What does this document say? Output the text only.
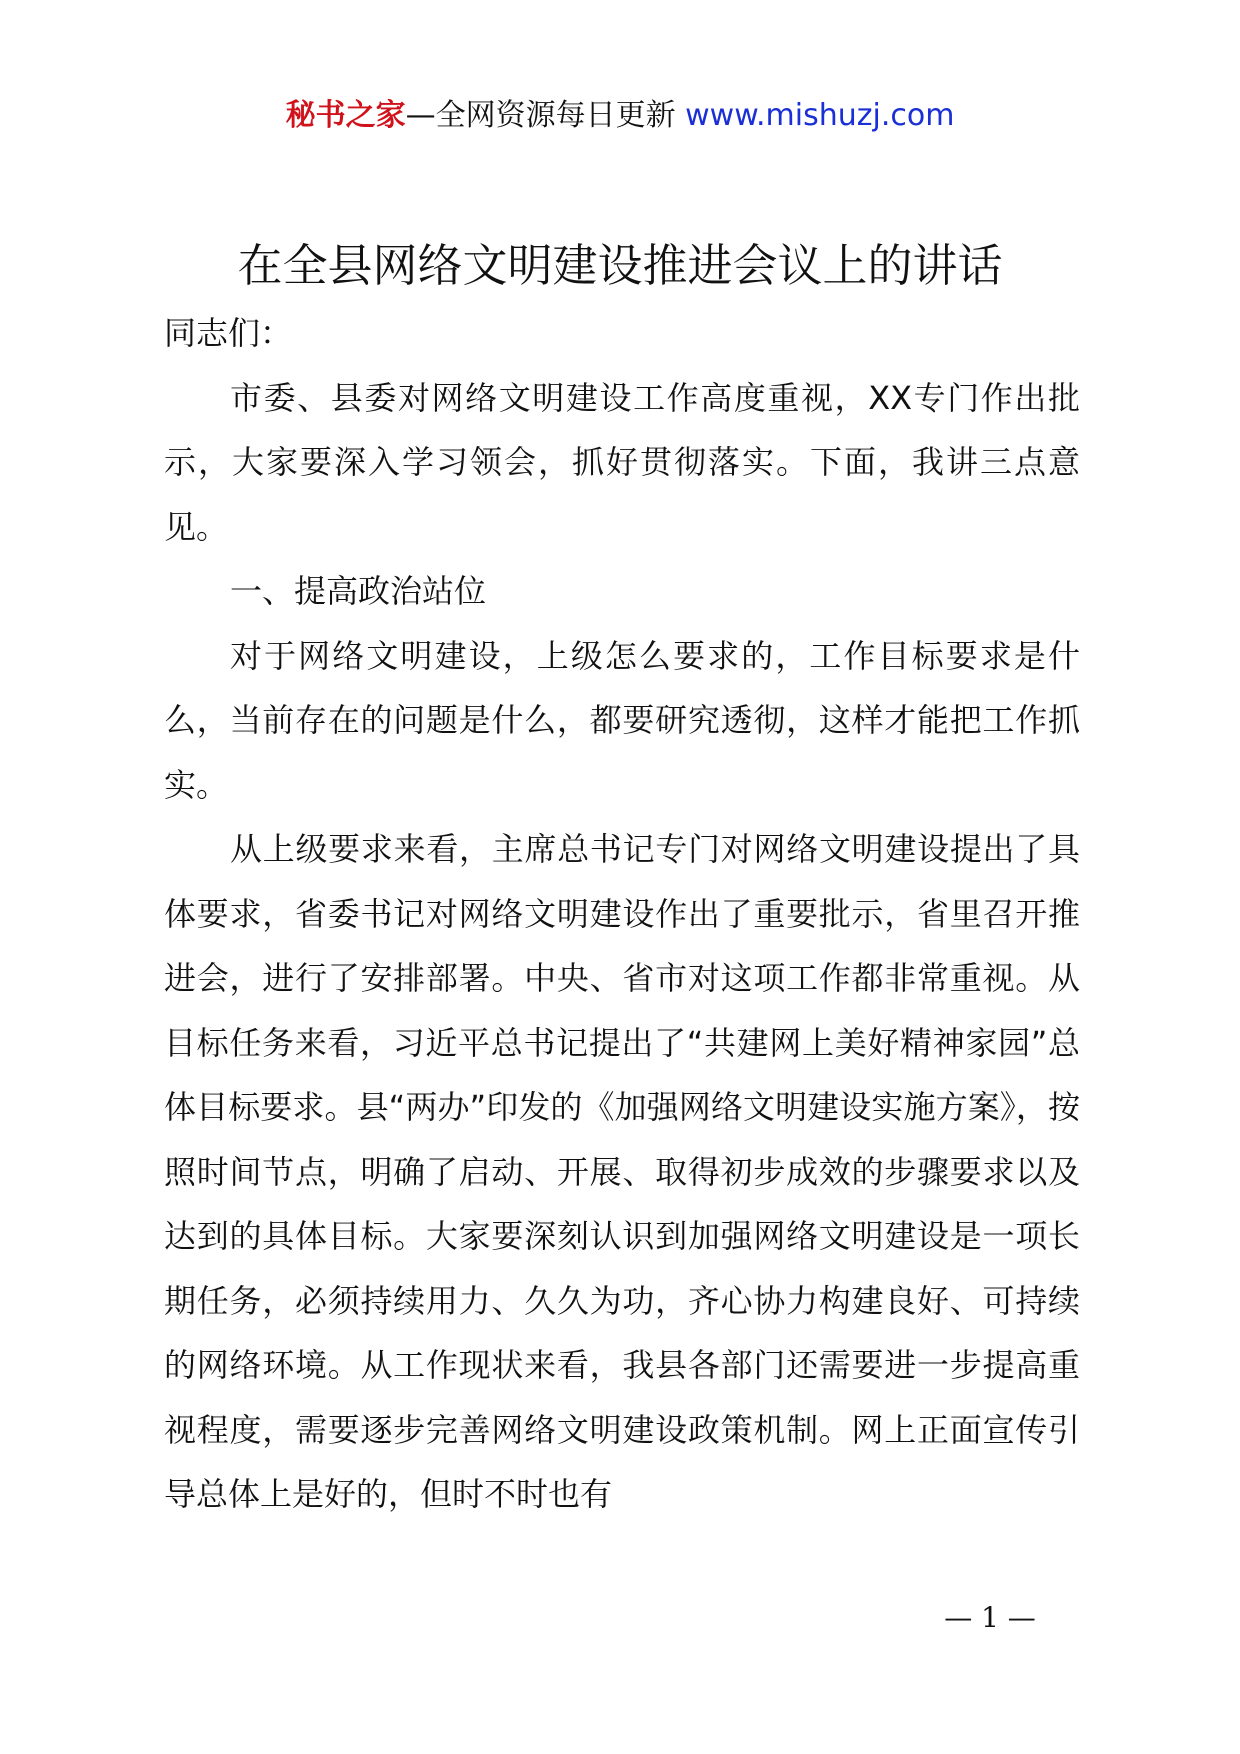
秘书之家—全网资源每日更新 www.mishuzj.com
在全县网络文明建设推进会议上的讲话

同志们：

市委、县委对网络文明建设工作高度重视，XX专门作出批示，大家要深入学习领会，抓好贯彻落实。下面，我讲三点意见。

一、提高政治站位

对于网络文明建设，上级怎么要求的，工作目标要求是什么，当前存在的问题是什么，都要研究透彻，这样才能把工作抓实。

从上级要求来看，主席总书记专门对网络文明建设提出了具体要求，省委书记对网络文明建设作出了重要批示，省里召开推进会，进行了安排部署。中央、省市对这项工作都非常重视。从目标任务来看，习近平总书记提出了“共建网上美好精神家园”总体目标要求。县“两办”印发的《加强网络文明建设实施方案》，按照时间节点，明确了启动、开展、取得初步成效的步骤要求以及达到的具体目标。大家要深刻认识到加强网络文明建设是一项长期任务，必须持续用力、久久为功，齐心协力构建良好、可持续的网络环境。从工作现状来看，我县各部门还需要进一步提高重视程度，需要逐步完善网络文明建设政策机制。网上正面宣传引导总体上是好的，但时不时也有

— 1 —
